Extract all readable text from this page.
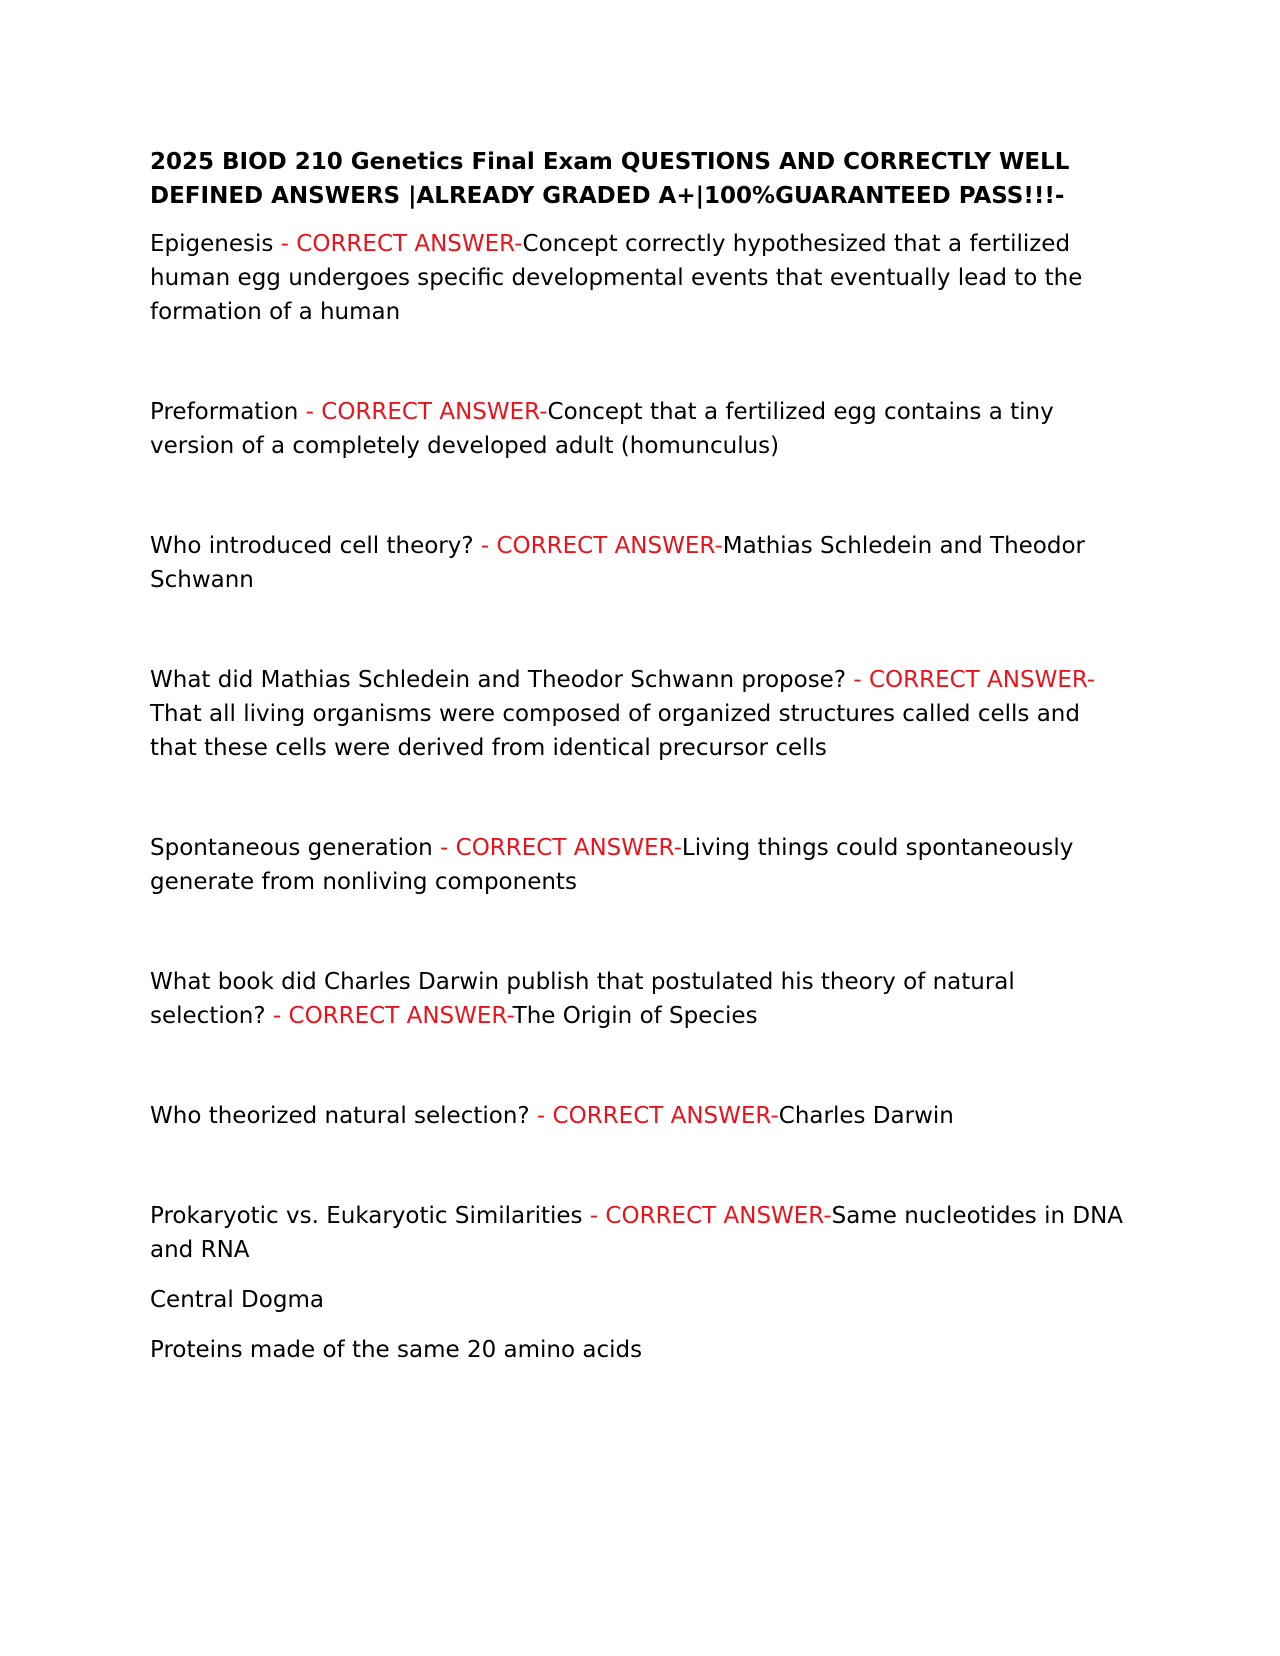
2025 BIOD 210 Genetics Final Exam QUESTIONS AND CORRECTLY WELL DEFINED ANSWERS |ALREADY GRADED A+|100%GUARANTEED PASS!!!-

Epigenesis - CORRECT ANSWER-Concept correctly hypothesized that a fertilized human egg undergoes specific developmental events that eventually lead to the formation of a human

Preformation - CORRECT ANSWER-Concept that a fertilized egg contains a tiny version of a completely developed adult (homunculus)

Who introduced cell theory? - CORRECT ANSWER-Mathias Schledein and Theodor Schwann

What did Mathias Schledein and Theodor Schwann propose? - CORRECT ANSWER-That all living organisms were composed of organized structures called cells and that these cells were derived from identical precursor cells

Spontaneous generation - CORRECT ANSWER-Living things could spontaneously generate from nonliving components

What book did Charles Darwin publish that postulated his theory of natural selection? - CORRECT ANSWER-The Origin of Species

Who theorized natural selection? - CORRECT ANSWER-Charles Darwin

Prokaryotic vs. Eukaryotic Similarities - CORRECT ANSWER-Same nucleotides in DNA and RNA

Central Dogma

Proteins made of the same 20 amino acids
